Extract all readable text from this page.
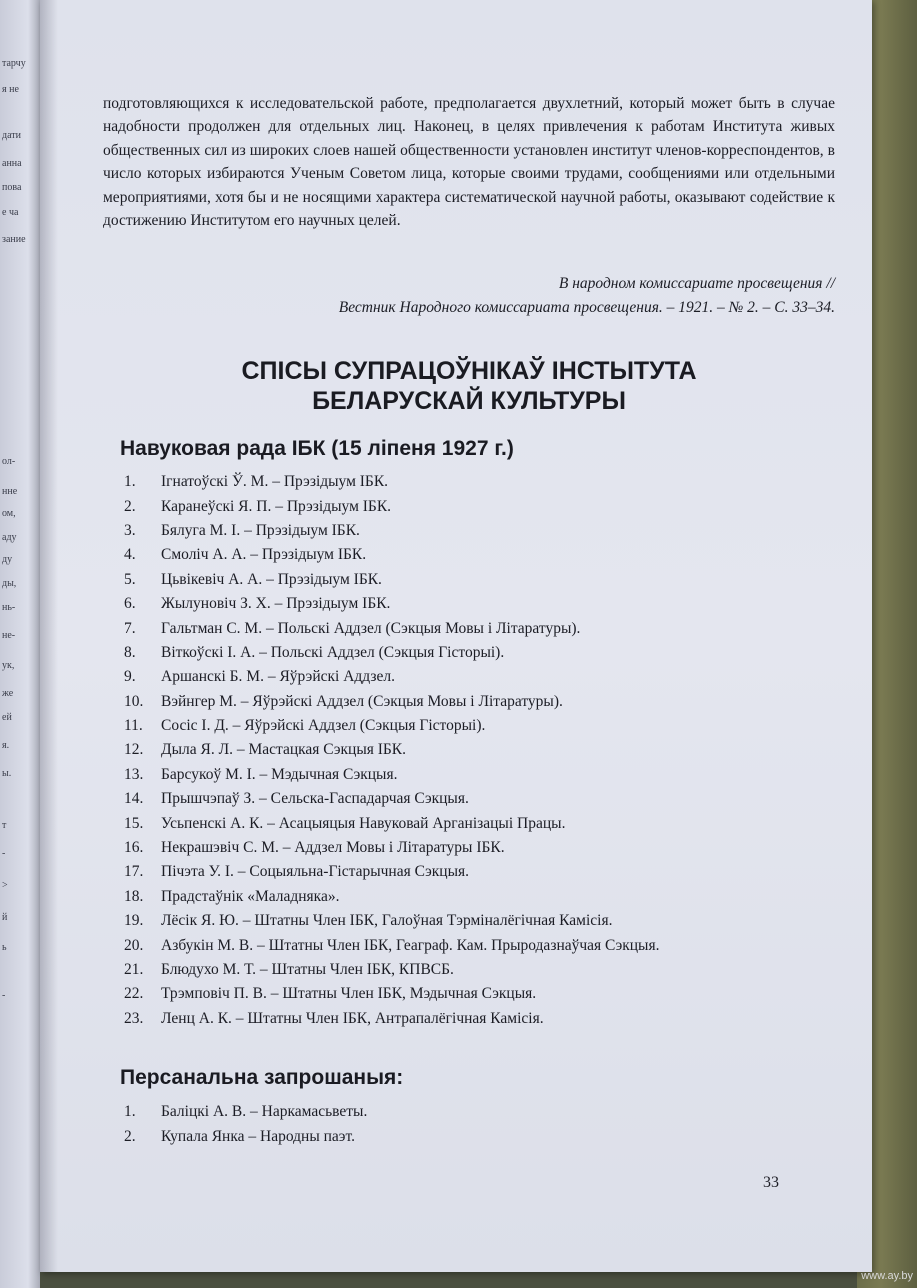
тарчу
я не
дати
анна
пова
е ча
зание
ол-
нне
ом,
аду
ду
ды,
нь-
не-
ук,
же
ей
я.
ы.
т
-
>
й
ь
-

подготовляющихся к исследовательской работе, предполагается двухлетний, который может быть в случае надобности продолжен для отдельных лиц. Наконец, в целях привлечения к работам Института живых общественных сил из широких слоев нашей общественности установлен институт членов-корреспондентов, в число которых избираются Ученым Советом лица, которые своими трудами, сообщениями или отдельными мероприятиями, хотя бы и не носящими характера систематической научной работы, оказывают содействие к достижению Институтом его научных целей.

В народном комиссариате просвещения //
Вестник Народного комиссариата просвещения. – 1921. – № 2. – С. 33–34.
СПІСЫ СУПРАЦОЎНІКАЎ ІНСТЫТУТА
БЕЛАРУСКАЙ КУЛЬТУРЫ
Навуковая рада ІБК (15 ліпеня 1927 г.)
1.	Ігнатоўскі Ў. М. – Прэзідыум ІБК.
2.	Каранеўскі Я. П. – Прэзідыум ІБК.
3.	Бялуга М. І. – Прэзідыум ІБК.
4.	Смоліч А. А. – Прэзідыум ІБК.
5.	Цьвікевіч А. А. – Прэзідыум ІБК.
6.	Жылуновіч З. Х. – Прэзідыум ІБК.
7.	Гальтман С. М. – Польскі Аддзел (Сэкцыя Мовы і Літаратуры).
8.	Віткоўскі І. А. – Польскі Аддзел (Сэкцыя Гісторыі).
9.	Аршанскі Б. М. – Яўрэйскі Аддзел.
10.	Вэйнгер М. – Яўрэйскі Аддзел (Сэкцыя Мовы і Літаратуры).
11.	Сосіс І. Д. – Яўрэйскі Аддзел (Сэкцыя Гісторыі).
12.	Дыла Я. Л. – Мастацкая Сэкцыя ІБК.
13.	Барсукоў М. І. – Мэдычная Сэкцыя.
14.	Прышчэпаў З. – Сельска-Гаспадарчая Сэкцыя.
15.	Усьпенскі А. К. – Асацыяцыя Навуковай Арганізацыі Працы.
16.	Некрашэвіч С. М. – Аддзел Мовы і Літаратуры ІБК.
17.	Пічэта У. І. – Соцыяльна-Гістарычная Сэкцыя.
18.	Прадстаўнік «Маладняка».
19.	Лёсік Я. Ю. – Штатны Член ІБК, Галоўная Тэрміналёгічная Камісія.
20.	Азбукін М. В. – Штатны Член ІБК, Геаграф. Кам. Прыродазнаўчая Сэкцыя.
21.	Блюдухо М. Т. – Штатны Член ІБК, КПВСБ.
22.	Трэмповіч П. В. – Штатны Член ІБК, Мэдычная Сэкцыя.
23.	Ленц А. К. – Штатны Член ІБК, Антрапалёгічная Камісія.
Персанальна запрошаныя:
1.	Баліцкі А. В. – Наркамасьветы.
2.	Купала Янка – Народны паэт.
33
www.ay.by
